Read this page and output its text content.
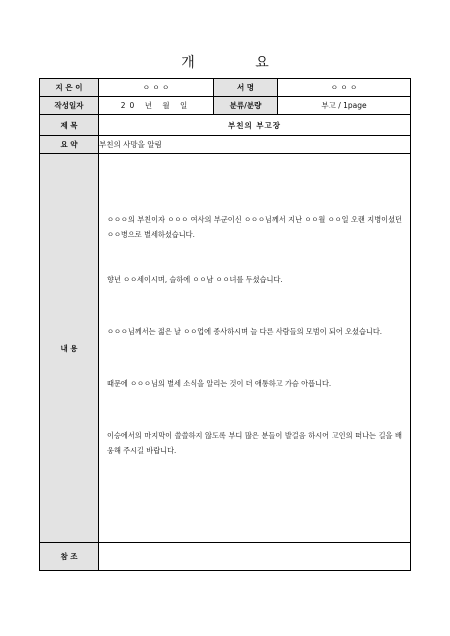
개 요
지 은 이	ㅇ ㅇ ㅇ	서 명	ㅇ ㅇ ㅇ
작성일자	20 년 월 일	분류/분량	부고 / 1page
제 목	부친의 부고장		
요 약	부친의 사망을 알림		
내 용	ㅇㅇㅇ의 부친이자 ㅇㅇㅇ 여사의 부군이신 ㅇㅇㅇ님께서 지난 ㅇㅇ월 ㅇㅇ일 오랜 지병이셨던 ㅇㅇ병으로 별세하셨습니다.

향년 ㅇㅇ세이시며, 슬하에 ㅇㅇ남 ㅇㅇ녀를 두셨습니다.

ㅇㅇㅇ님께서는 젊은 날 ㅇㅇ업에 종사하시며 늘 다른 사람들의 모범이 되어 오셨습니다.

때문에 ㅇㅇㅇ님의 별세 소식을 알리는 것이 더 애통하고 가슴 아픕니다.

이승에서의 마지막이 쓸쓸하지 않도록 부디 많은 분들이 발걸음 하시어 고인의 떠나는 길을 배웅해 주시길 바랍니다.		

참 조			
